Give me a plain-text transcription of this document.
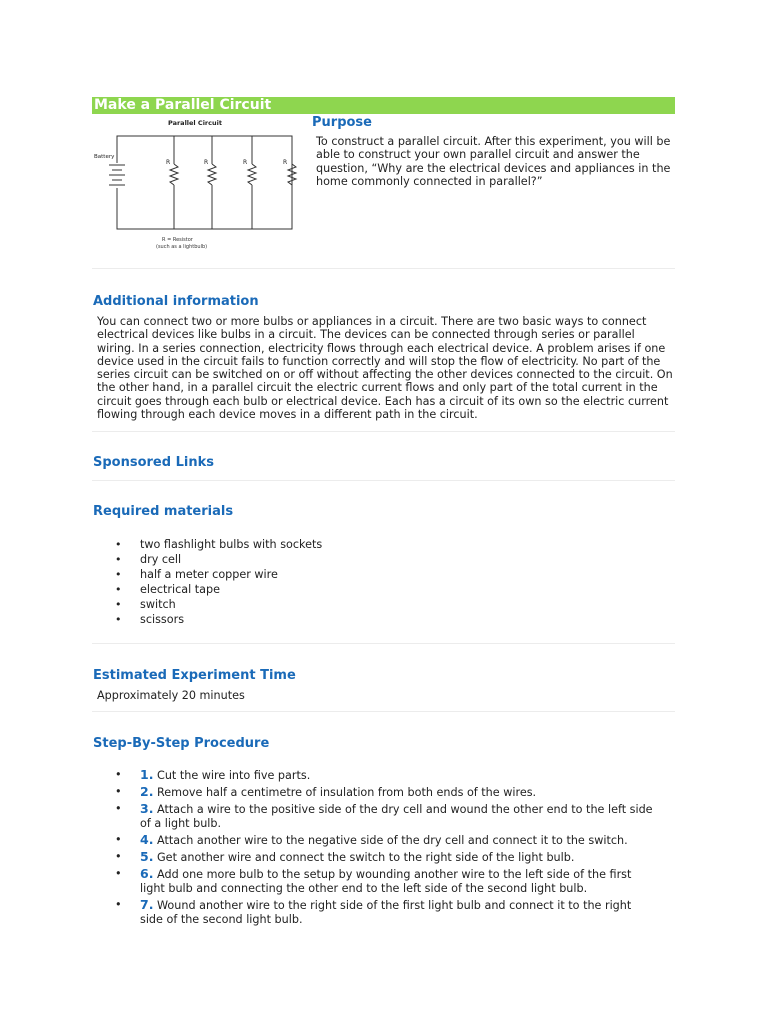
Make a Parallel Circuit
Parallel Circuit
Battery
R	R	R	R
R = Resistor
(such as a lightbulb)
Purpose

To construct a parallel circuit. After this experiment, you will be able to construct your own parallel circuit and answer the question, “Why are the electrical devices and appliances in the home commonly connected in parallel?”

Additional information

You can connect two or more bulbs or appliances in a circuit. There are two basic ways to connect electrical devices like bulbs in a circuit. The devices can be connected through series or parallel wiring. In a series connection, electricity flows through each electrical device. A problem arises if one device used in the circuit fails to function correctly and will stop the flow of electricity. No part of the series circuit can be switched on or off without affecting the other devices connected to the circuit. On the other hand, in a parallel circuit the electric current flows and only part of the total current in the circuit goes through each bulb or electrical device. Each has a circuit of its own so the electric current flowing through each device moves in a different path in the circuit.

Sponsored Links
Required materials
• two flashlight bulbs with sockets
• dry cell
• half a meter copper wire
• electrical tape
• switch
• scissors
Estimated Experiment Time

Approximately 20 minutes

Step-By-Step Procedure
• 1. Cut the wire into five parts.
• 2. Remove half a centimetre of insulation from both ends of the wires.
• 3. Attach a wire to the positive side of the dry cell and wound the other end to the left side of a light bulb.
• 4. Attach another wire to the negative side of the dry cell and connect it to the switch.
• 5. Get another wire and connect the switch to the right side of the light bulb.
• 6. Add one more bulb to the setup by wounding another wire to the left side of the first light bulb and connecting the other end to the left side of the second light bulb.
• 7. Wound another wire to the right side of the first light bulb and connect it to the right side of the second light bulb.
